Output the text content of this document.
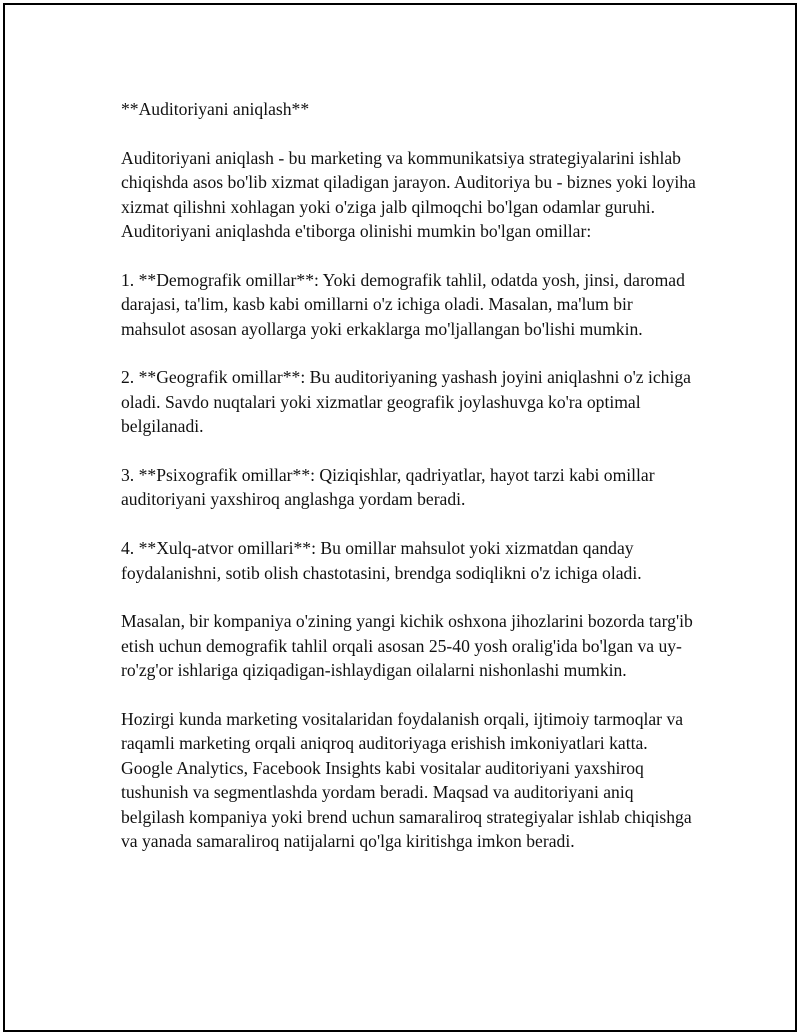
**Auditoriyani aniqlash**

Auditoriyani aniqlash - bu marketing va kommunikatsiya strategiyalarini ishlab chiqishda asos bo'lib xizmat qiladigan jarayon. Auditoriya bu - biznes yoki loyiha xizmat qilishni xohlagan yoki o'ziga jalb qilmoqchi bo'lgan odamlar guruhi. Auditoriyani aniqlashda e'tiborga olinishi mumkin bo'lgan omillar:

1. **Demografik omillar**: Yoki demografik tahlil, odatda yosh, jinsi, daromad darajasi, ta'lim, kasb kabi omillarni o'z ichiga oladi. Masalan, ma'lum bir mahsulot asosan ayollarga yoki erkaklarga mo'ljallangan bo'lishi mumkin.

2. **Geografik omillar**: Bu auditoriyaning yashash joyini aniqlashni o'z ichiga oladi. Savdo nuqtalari yoki xizmatlar geografik joylashuvga ko'ra optimal belgilanadi.

3. **Psixografik omillar**: Qiziqishlar, qadriyatlar, hayot tarzi kabi omillar auditoriyani yaxshiroq anglashga yordam beradi.

4. **Xulq-atvor omillari**: Bu omillar mahsulot yoki xizmatdan qanday foydalanishni, sotib olish chastotasini, brendga sodiqlikni o'z ichiga oladi.

Masalan, bir kompaniya o'zining yangi kichik oshxona jihozlarini bozorda targ'ib etish uchun demografik tahlil orqali asosan 25-40 yosh oralig'ida bo'lgan va uy-ro'zg'or ishlariga qiziqadigan-ishlaydigan oilalarni nishonlashi mumkin.

Hozirgi kunda marketing vositalaridan foydalanish orqali, ijtimoiy tarmoqlar va raqamli marketing orqali aniqroq auditoriyaga erishish imkoniyatlari katta. Google Analytics, Facebook Insights kabi vositalar auditoriyani yaxshiroq tushunish va segmentlashda yordam beradi. Maqsad va auditoriyani aniq belgilash kompaniya yoki brend uchun samaraliroq strategiyalar ishlab chiqishga va yanada samaraliroq natijalarni qo'lga kiritishga imkon beradi.
